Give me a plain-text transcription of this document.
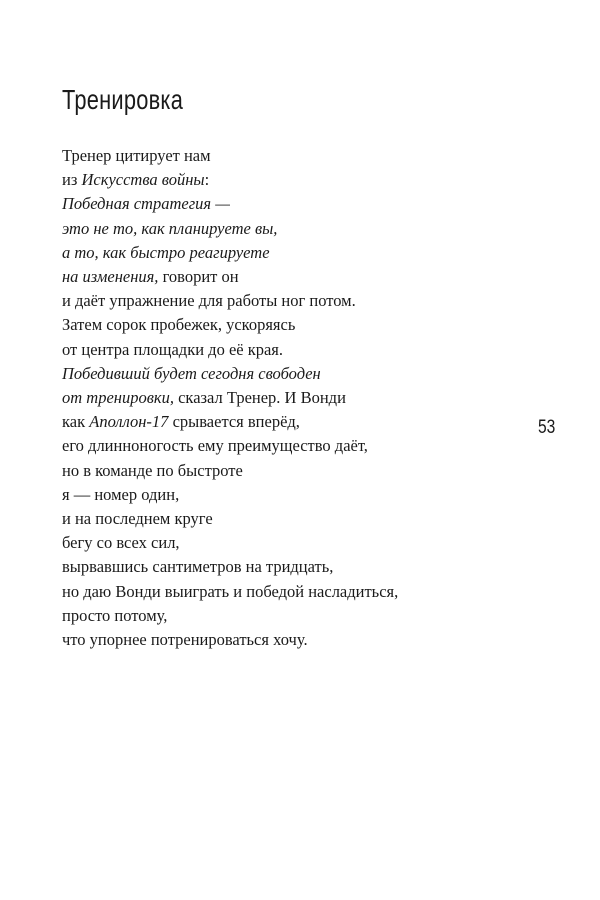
Тренировка
Тренер цитирует нам
из Искусства войны:
Победная стратегия —
это не то, как планируете вы,
а то, как быстро реагируете
на изменения, говорит он
и даёт упражнение для работы ног потом.
Затем сорок пробежек, ускоряясь
от центра площадки до её края.
Победивший будет сегодня свободен
от тренировки, сказал Тренер. И Вонди
как Аполлон-17 срывается вперёд,
его длинноногость ему преимущество даёт,
но в команде по быстроте
я — номер один,
и на последнем круге
бегу со всех сил,
вырвавшись сантиметров на тридцать,
но даю Вонди выиграть и победой насладиться,
просто потому,
что упорнее потренироваться хочу.
53
